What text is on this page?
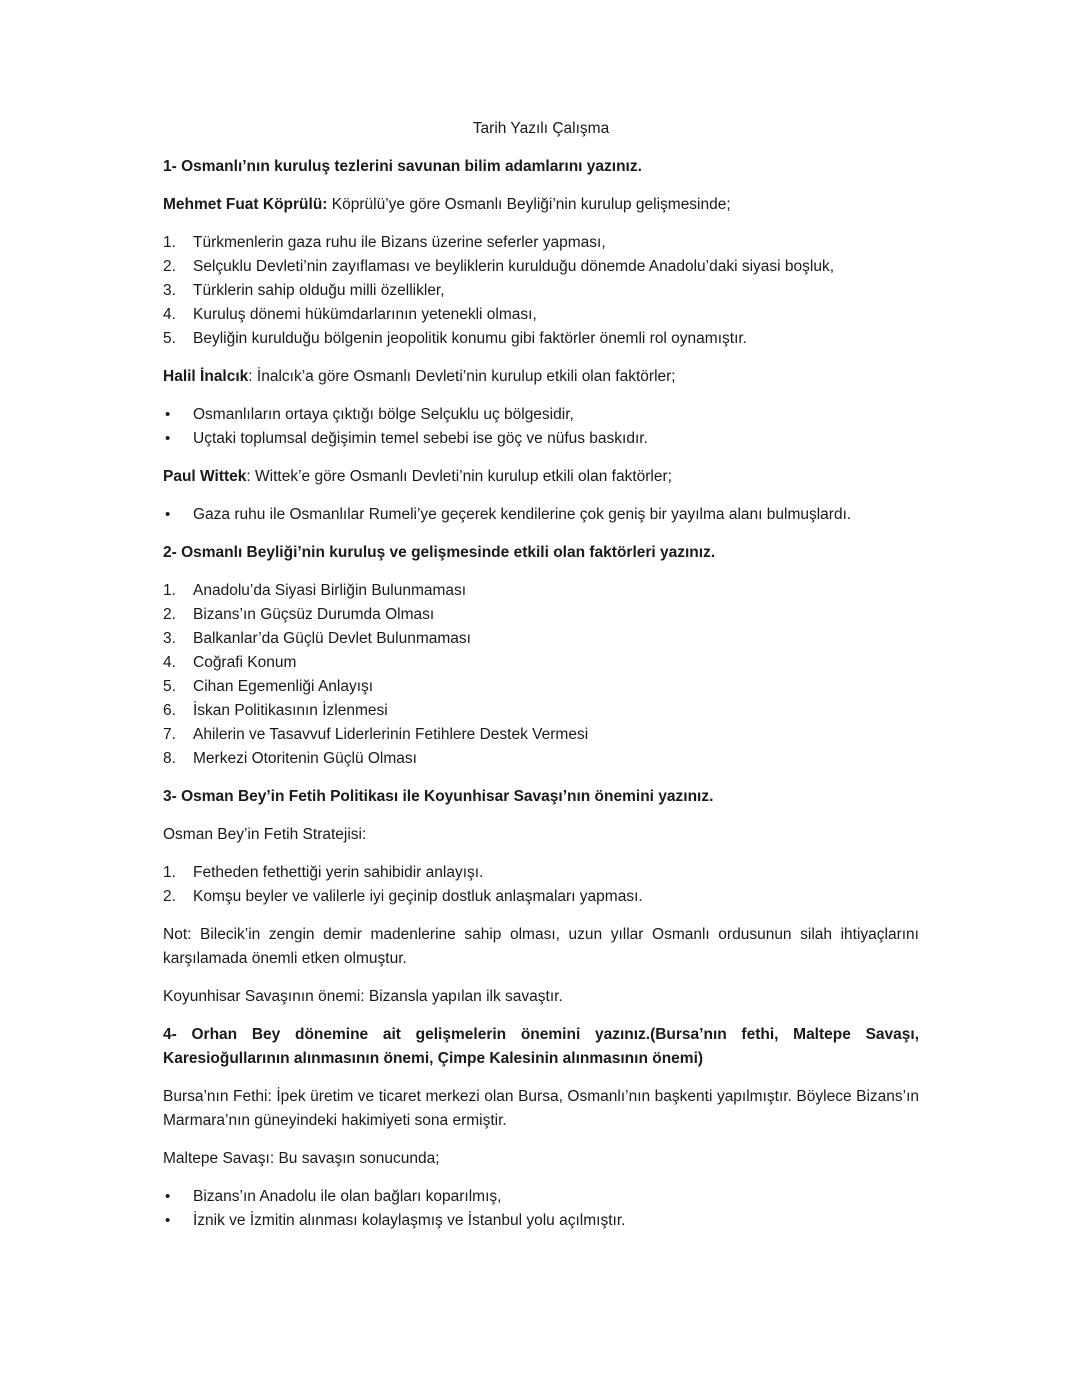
Tarih Yazılı Çalışma
1- Osmanlı’nın kuruluş tezlerini savunan bilim adamlarını yazınız.

Mehmet Fuat Köprülü: Köprülü’ye göre Osmanlı Beyliği’nin kurulup gelişmesinde;

1.	Türkmenlerin gaza ruhu ile Bizans üzerine seferler yapması,
2.	Selçuklu Devleti’nin zayıflaması ve beyliklerin kurulduğu dönemde Anadolu’daki siyasi boşluk,
3.	Türklerin sahip olduğu milli özellikler,
4.	Kuruluş dönemi hükümdarlarının yetenekli olması,
5.	Beyliğin kurulduğu bölgenin jeopolitik konumu gibi faktörler önemli rol oynamıştır.

Halil İnalcık: İnalcık’a göre Osmanlı Devleti’nin kurulup etkili olan faktörler;

•	Osmanlıların ortaya çıktığı bölge Selçuklu uç bölgesidir,
•	Uçtaki toplumsal değişimin temel sebebi ise göç ve nüfus baskıdır.

Paul Wittek: Wittek’e göre Osmanlı Devleti’nin kurulup etkili olan faktörler;

•	Gaza ruhu ile Osmanlılar Rumeli’ye geçerek kendilerine çok geniş bir yayılma alanı bulmuşlardı.
2- Osmanlı Beyliği’nin kuruluş ve gelişmesinde etkili olan faktörleri yazınız.
1.	Anadolu’da Siyasi Birliğin Bulunmaması
2.	Bizans’ın Güçsüz Durumda Olması
3.	Balkanlar’da Güçlü Devlet Bulunmaması
4.	Coğrafi Konum
5.	Cihan Egemenliği Anlayışı
6.	İskan Politikasının İzlenmesi
7.	Ahilerin ve Tasavvuf Liderlerinin Fetihlere Destek Vermesi
8.	Merkezi Otoritenin Güçlü Olması
3- Osman Bey’in Fetih Politikası ile Koyunhisar Savaşı’nın önemini yazınız.

Osman Bey’in Fetih Stratejisi:

1.	Fetheden fethettiği yerin sahibidir anlayışı.
2.	Komşu beyler ve valilerle iyi geçinip dostluk anlaşmaları yapması.

Not: Bilecik’in zengin demir madenlerine sahip olması, uzun yıllar Osmanlı ordusunun silah ihtiyaçlarını karşılamada önemli etken olmuştur.

Koyunhisar Savaşının önemi: Bizansla yapılan ilk savaştır.

4- Orhan Bey dönemine ait gelişmelerin önemini yazınız.(Bursa’nın fethi, Maltepe Savaşı, Karesioğullarının alınmasının önemi, Çimpe Kalesinin alınmasının önemi)

Bursa’nın Fethi: İpek üretim ve ticaret merkezi olan Bursa, Osmanlı’nın başkenti yapılmıştır. Böylece Bizans’ın Marmara’nın güneyindeki hakimiyeti sona ermiştir.

Maltepe Savaşı: Bu savaşın sonucunda;

•	Bizans’ın Anadolu ile olan bağları koparılmış,
•	İznik ve İzmitin alınması kolaylaşmış ve İstanbul yolu açılmıştır.
